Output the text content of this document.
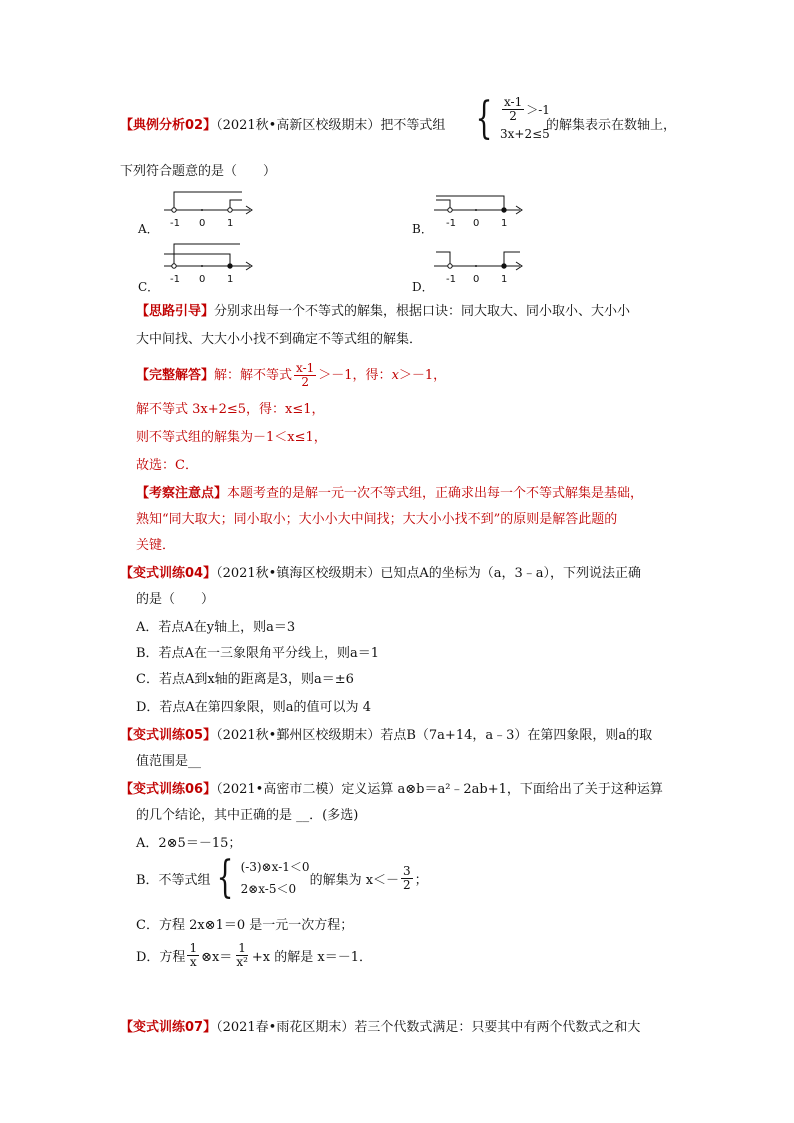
【典例分析02】（2021秋•高新区校级期末）把不等式组 { $\frac{x-1}{2} >-1$
3x+2≤5
的解集表示在数轴上，
下列符合题意的是（　　）
A． -1 0 1	B． -1 0 1
C．
-1 0 1
D．
-1 0 1
【思路引导】分别求出每一个不等式的解集，根据口诀：同大取大、同小取小、大小小
大中间找、大大小小找不到确定不等式组的解集．
【完整解答】 解：解不等式 $\frac{x-1}{2} >-1$，得： x ＞－1，
解不等式 3x+2≤5，得：x≤1，
则不等式组的解集为－1＜x≤1，
故选：C．
【考察注意点】本题考查的是解一元一次不等式组，正确求出每一个不等式解集是基础，
熟知“同大取大；同小取小；大小小大中间找；大大小小找不到”的原则是解答此题的
关键．
【变式训练04】（2021秋•镇海区校级期末）已知点A的坐标为（a，3﹣a），下列说法正确
的是（　　）
A．若点A在y轴上，则a＝3
B．若点A在一三象限角平分线上，则a＝1
C．若点A到x轴的距离是3，则a＝±6
D．若点A在第四象限，则a的值可以为 4
【变式训练05】（2021秋•鄞州区校级期末）若点B（7a+14，a﹣3）在第四象限，则a的取
值范围是__
【变式训练06】（2021•高密市二模）定义运算 a⊗b＝a²﹣2ab+1，下面给出了关于这种运算
的几个结论，其中正确的是 __．(多选)
A．2⊗5＝－15；
B．不等式组 { (-3)⊗x-1＜0
2⊗x-5＜0
的解集为 $x<- \frac{3}{2}$ ；
C．方程 2x⊗1＝0 是一元一次方程；
D．方程 $\frac{1}{x}$ ⊗x＝ $\frac{1}{\text{x²}} +x$ 的解是 x＝－1．
【变式训练07】（2021春•雨花区期末）若三个代数式满足：只要其中有两个代数式之和大
